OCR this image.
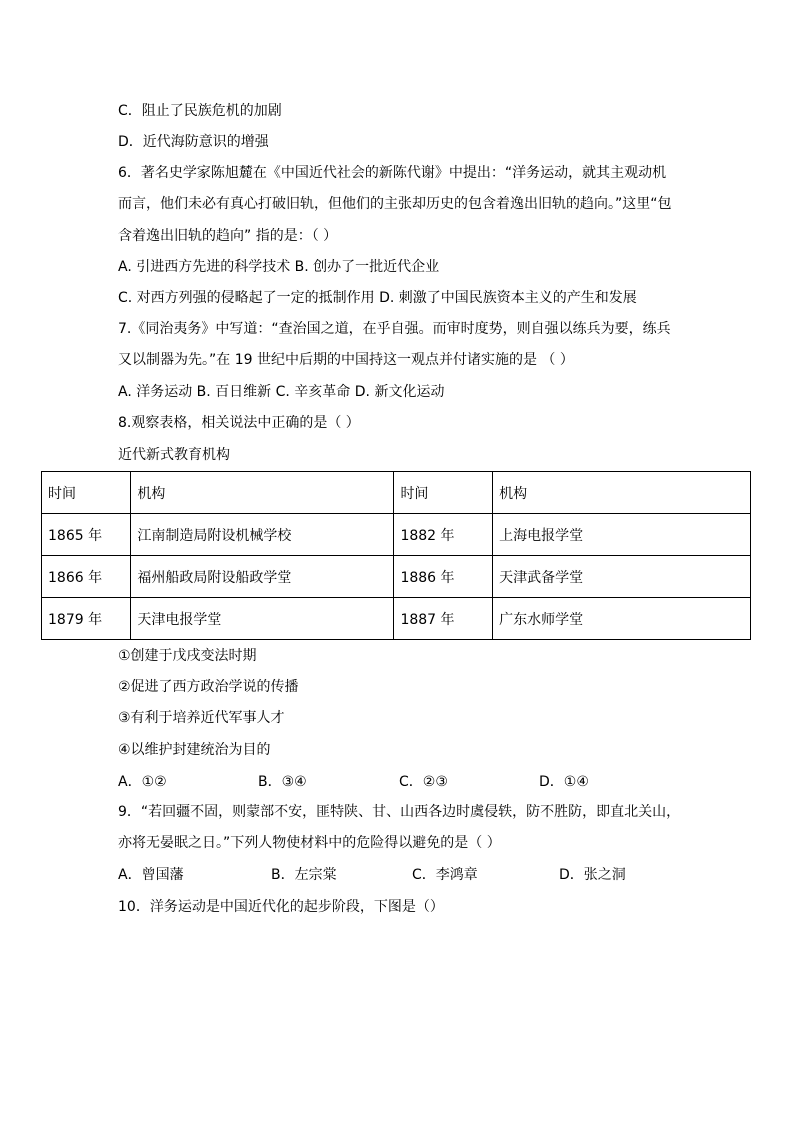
C．阻止了民族危机的加剧
D．近代海防意识的增强
6．著名史学家陈旭麓在《中国近代社会的新陈代谢》中提出：“洋务运动，就其主观动机
而言，他们未必有真心打破旧轨，但他们的主张却历史的包含着逸出旧轨的趋向。”这里“包
含着逸出旧轨的趋向” 指的是：（ ）
A. 引进西方先进的科学技术 B. 创办了一批近代企业
C. 对西方列强的侵略起了一定的抵制作用 D. 刺激了中国民族资本主义的产生和发展
7.《同治夷务》中写道：“查治国之道，在乎自强。而审时度势，则自强以练兵为要，练兵
又以制器为先。”在 19 世纪中后期的中国持这一观点并付诸实施的是 （ ）
A. 洋务运动 B. 百日维新 C. 辛亥革命 D. 新文化运动
8.观察表格，相关说法中正确的是（ ）
近代新式教育机构
时间	机构	时间	机构
1865 年	江南制造局附设机械学校	1882 年	上海电报学堂
1866 年	福州船政局附设船政学堂	1886 年	天津武备学堂
1879 年	天津电报学堂	1887 年	广东水师学堂
①创建于戊戌变法时期
②促进了西方政治学说的传播
③有利于培养近代军事人才
④以维护封建统治为目的
A．①②	B．③④	C．②③	D．①④
9．“若回疆不固，则蒙部不安，匪特陕、甘、山西各边时虞侵轶，防不胜防，即直北关山，
亦将无晏眠之日。”下列人物使材料中的危险得以避免的是（ ）
A．曾国藩	B．左宗棠	C．李鸿章	D．张之洞
10．洋务运动是中国近代化的起步阶段，下图是（）
